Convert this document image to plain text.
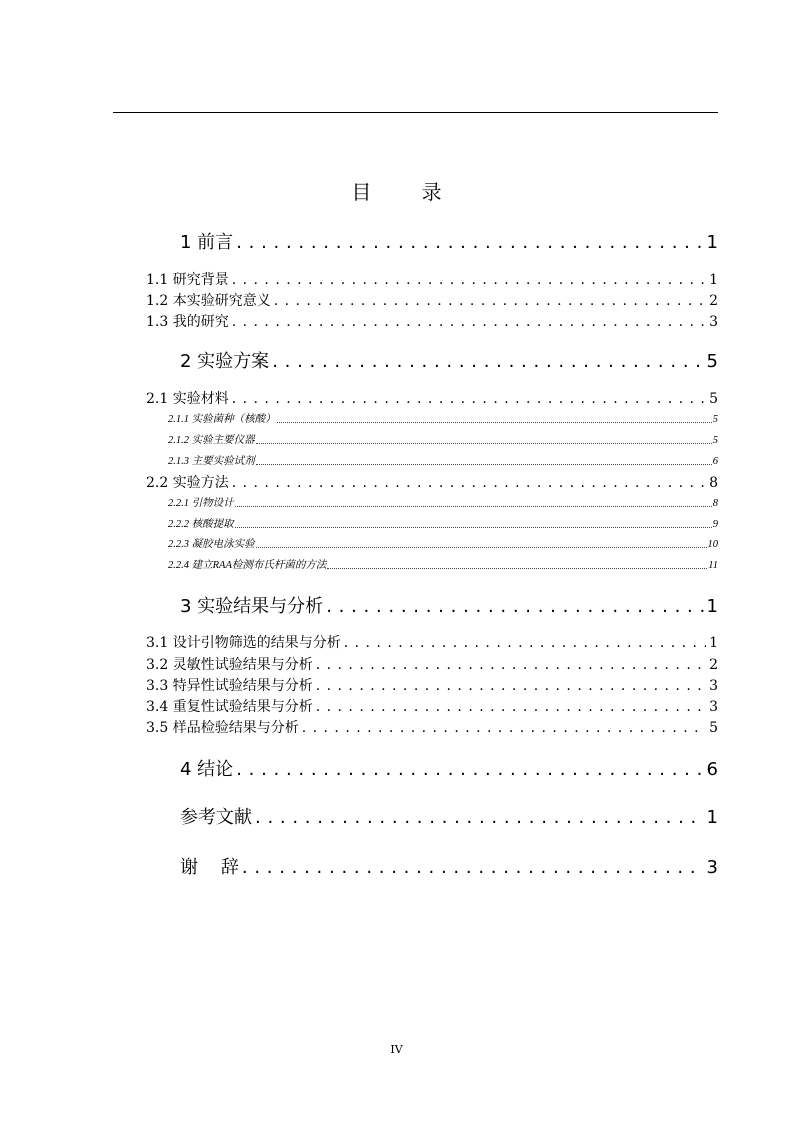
目 录
1 前言 . . .	1
1.1 研究背景 . . .	1
1.2 本实验研究意义 . . .	2
1.3 我的研究 . . .	3
2 实验方案 . . .	5
2.1 实验材料 . . .	5
2.1.1 实验菌种（核酸）	5
2.1.2 实验主要仪器	5
2.1.3 主要实验试剂	6
2.2 实验方法 . . .	8
2.2.1 引物设计	8
2.2.2 核酸提取	9
2.2.3 凝胶电泳实验	10
2.2.4 建立RAA检测布氏杆菌的方法	11
3 实验结果与分析 . . .	1
3.1 设计引物筛选的结果与分析 . . .	1
3.2 灵敏性试验结果与分析 . . .	2
3.3 特异性试验结果与分析 . . .	3
3.4 重复性试验结果与分析 . . .	3
3.5 样品检验结果与分析 . . .	5
4 结论 . . .	6
参考文献 . . .	1
谢    辞 . . .	3
IV
